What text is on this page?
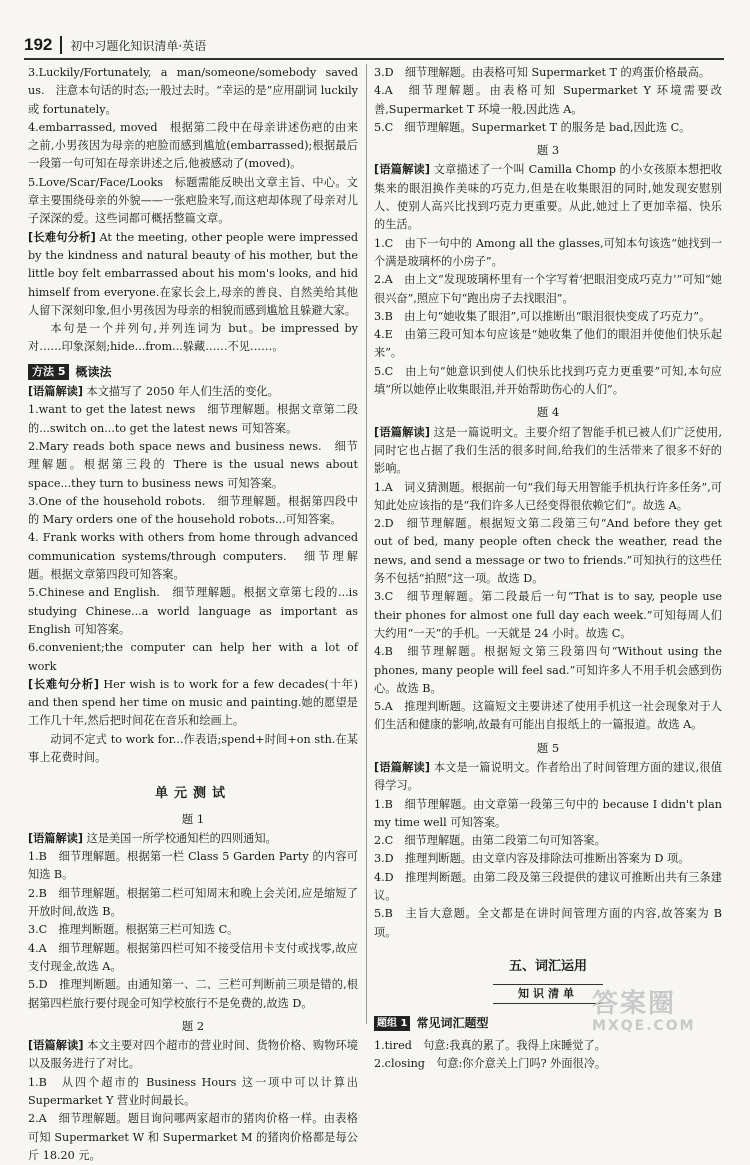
192	初中习题化知识清单·英语

3.Luckily/Fortunately, a man/someone/somebody saved us.　注意本句话的时态;一般过去时。“幸运的是”应用副词 luckily 或 fortunately。

4.embarrassed, moved　根据第二段中在母亲讲述伤疤的由来之前,小男孩因为母亲的疤脸而感到尴尬(embarrassed);根据最后一段第一句可知在母亲讲述之后,他被感动了(moved)。

5.Love/Scar/Face/Looks　标题需能反映出文章主旨、中心。文章主要围绕母亲的外貌——一张疤脸来写,而这疤却体现了母亲对儿子深深的爱。这些词都可概括整篇文章。

[长难句分析] At the meeting, other people were impressed by the kindness and natural beauty of his mother, but the little boy felt embarrassed about his mom's looks, and hid himself from everyone.在家长会上,母亲的善良、自然美给其他人留下深刻印象,但小男孩因为母亲的相貌而感到尴尬且躲避大家。

本句是一个并列句,并列连词为 but。be impressed by 对……印象深刻;hide...from...躲藏……不见……。

方法 5 概读法

[语篇解读] 本文描写了 2050 年人们生活的变化。

1.want to get the latest news　细节理解题。根据文章第二段的...switch on...to get the latest news 可知答案。

2.Mary reads both space news and business news.　细节理解题。根据第三段的 There is the usual news about space...they turn to business news 可知答案。

3.One of the household robots.　细节理解题。根据第四段中的 Mary orders one of the household robots...可知答案。

4. Frank works with others from home through advanced communication systems/through computers.　细节理解题。根据文章第四段可知答案。

5.Chinese and English.　细节理解题。根据文章第七段的...is studying Chinese...a world language as important as English 可知答案。

6.convenient;the computer can help her with a lot of work

[长难句分析] Her wish is to work for a few decades(十年) and then spend her time on music and painting.她的愿望是工作几十年,然后把时间花在音乐和绘画上。

动词不定式 to work for...作表语;spend+时间+on sth.在某事上花费时间。

单元测试
题 1

[语篇解读] 这是美国一所学校通知栏的四则通知。

1.B　细节理解题。根据第一栏 Class 5 Garden Party 的内容可知选 B。

2.B　细节理解题。根据第二栏可知周末和晚上会关闭,应是缩短了开放时间,故选 B。

3.C　推理判断题。根据第三栏可知选 C。

4.A　细节理解题。根据第四栏可知不接受信用卡支付或找零,故应支付现金,故选 A。

5.D　推理判断题。由通知第一、二、三栏可判断前三项是错的,根据第四栏旅行要付现金可知学校旅行不是免费的,故选 D。

题 2

[语篇解读] 本文主要对四个超市的营业时间、货物价格、购物环境以及服务进行了对比。

1.B　从四个超市的 Business Hours 这一项中可以计算出 Supermarket Y 营业时间最长。

2.A　细节理解题。题目询问哪两家超市的猪肉价格一样。由表格可知 Supermarket W 和 Supermarket M 的猪肉价格都是每公斤 18.20 元。

3.D　细节理解题。由表格可知 Supermarket T 的鸡蛋价格最高。

4.A　细节理解题。由表格可知 Supermarket Y 环境需要改善,Supermarket T 环境一般,因此选 A。

5.C　细节理解题。Supermarket T 的服务是 bad,因此选 C。

题 3

[语篇解读] 文章描述了一个叫 Camilla Chomp 的小女孩原本想把收集来的眼泪换作美味的巧克力,但是在收集眼泪的同时,她发现安慰别人、使别人高兴比找到巧克力更重要。从此,她过上了更加幸福、快乐的生活。

1.C　由下一句中的 Among all the glasses,可知本句该选“她找到一个满是玻璃杯的小房子”。

2.A　由上文“发现玻璃杯里有一个字写着‘把眼泪变成巧克力’”可知“她很兴奋”,照应下句“跑出房子去找眼泪”。

3.B　由上句“她收集了眼泪”,可以推断出“眼泪很快变成了巧克力”。

4.E　由第三段可知本句应该是“她收集了他们的眼泪并使他们快乐起来”。

5.C　由上句“她意识到使人们快乐比找到巧克力更重要”可知,本句应填“所以她停止收集眼泪,并开始帮助伤心的人们”。

题 4

[语篇解读] 这是一篇说明文。主要介绍了智能手机已被人们广泛使用,同时它也占据了我们生活的很多时间,给我们的生活带来了很多不好的影响。

1.A　词义猜测题。根据前一句“我们每天用智能手机执行许多任务”,可知此处应该指的是“我们许多人已经变得很依赖它们”。故选 A。

2.D　细节理解题。根据短文第二段第三句“And before they get out of bed, many people often check the weather, read the news, and send a message or two to friends.”可知执行的这些任务不包括“拍照”这一项。故选 D。

3.C　细节理解题。第二段最后一句“That is to say, people use their phones for almost one full day each week.”可知每周人们大约用“一天”的手机。一天就是 24 小时。故选 C。

4.B　细节理解题。根据短文第三段第四句“Without using the phones, many people will feel sad.”可知许多人不用手机会感到伤心。故选 B。

5.A　推理判断题。这篇短文主要讲述了使用手机这一社会现象对于人们生活和健康的影响,故最有可能出自报纸上的一篇报道。故选 A。

题 5

[语篇解读] 本文是一篇说明文。作者给出了时间管理方面的建议,很值得学习。

1.B　细节理解题。由文章第一段第三句中的 because I didn't plan my time well 可知答案。

2.C　细节理解题。由第二段第二句可知答案。

3.D　推理判断题。由文章内容及排除法可推断出答案为 D 项。

4.D　推理判断题。由第二段及第三段提供的建议可推断出共有三条建议。

5.B　主旨大意题。全文都是在讲时间管理方面的内容,故答案为 B 项。

五、词汇运用
知识清单
题组 1 常见词汇题型

1.tired　句意:我真的累了。我得上床睡觉了。

2.closing　句意:你介意关上门吗? 外面很冷。

答案圈
MXQE.COM
